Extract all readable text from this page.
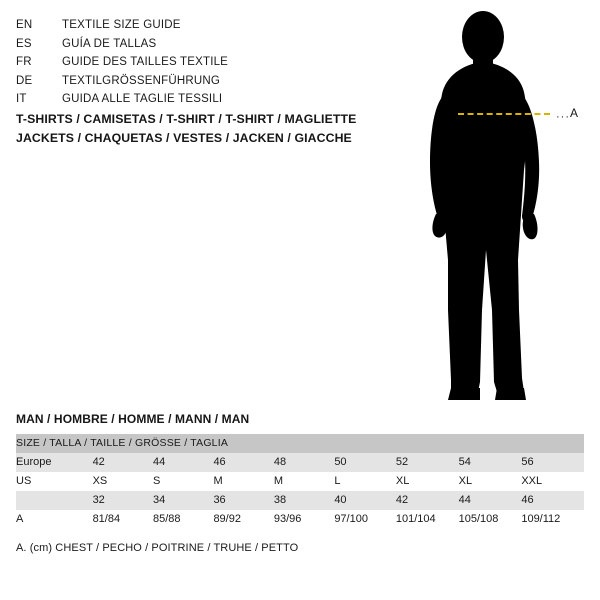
EN	TEXTILE SIZE GUIDE
ES	GUÍA DE TALLAS
FR	GUIDE DES TAILLES TEXTILE
DE	TEXTILGRÖSSENFÜHRUNG
IT	GUIDA ALLE TAGLIE TESSILI
T-SHIRTS / CAMISETAS / T-SHIRT / T-SHIRT / MAGLIETTE
JACKETS / CHAQUETAS / VESTES / JACKEN / GIACCHE
··· A
MAN / HOMBRE / HOMME / MANN / MAN
SIZE / TALLA / TAILLE / GRÖSSE / TAGLIA								
Europe	42	44	46	48	50	52	54	56
US	XS	S	M	M	L	XL	XL	XXL
	32	34	36	38	40	42	44	46
A	81/84	85/88	89/92	93/96	97/100	101/104	105/108	109/112
A. (cm) CHEST / PECHO / POITRINE / TRUHE / PETTO
